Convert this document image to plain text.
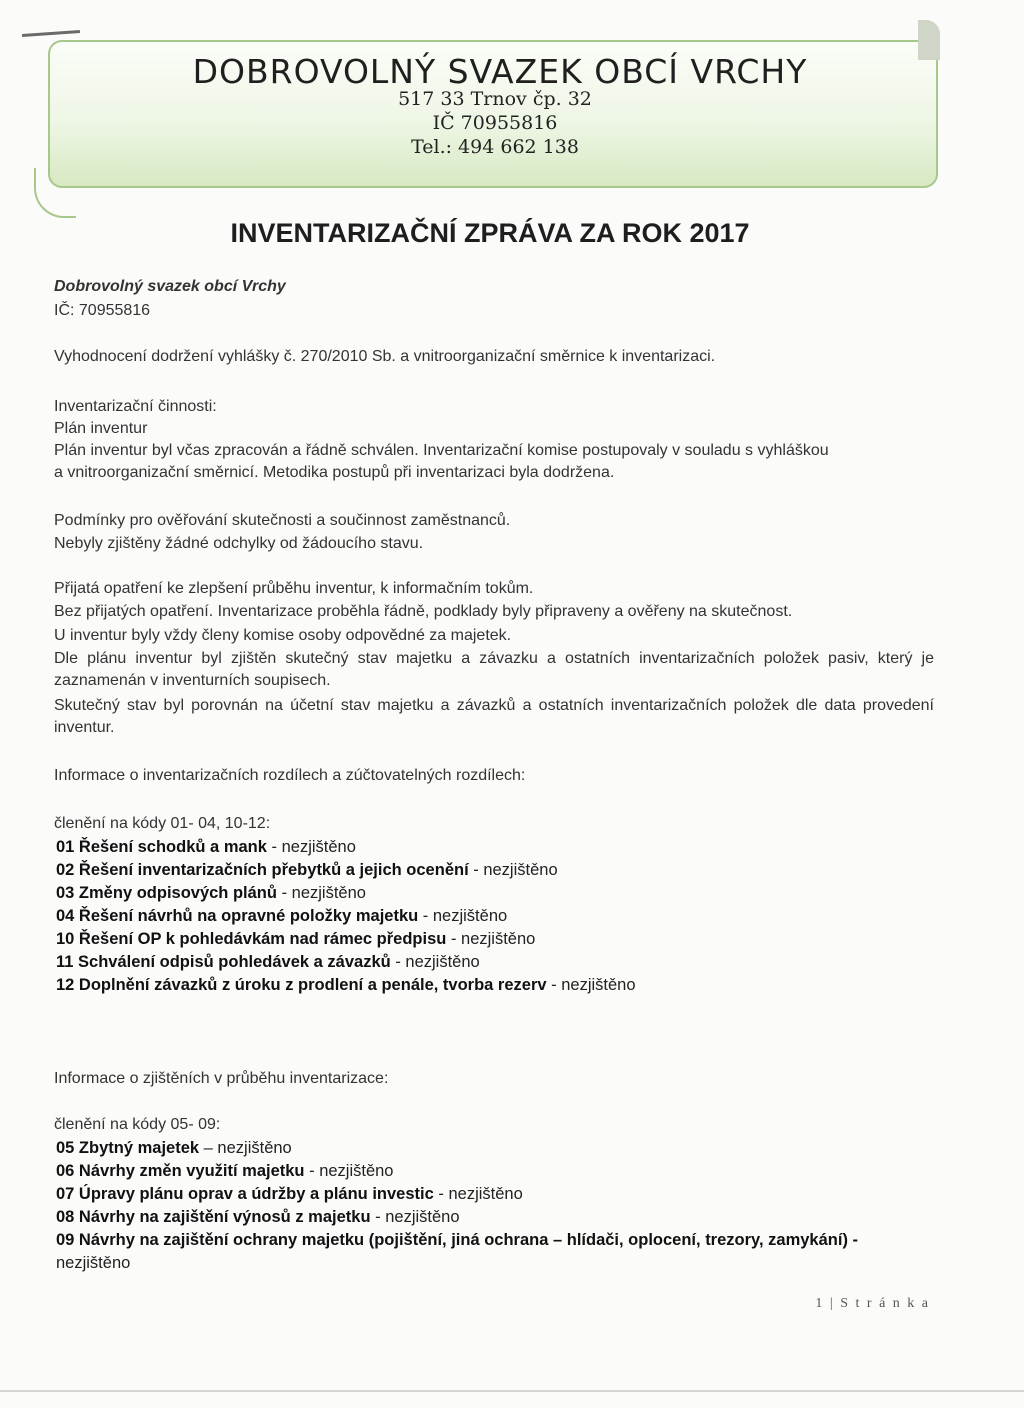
DOBROVOLNÝ SVAZEK OBCÍ VRCHY
517 33 Trnov čp. 32
IČ 70955816
Tel.: 494 662 138
INVENTARIZAČNÍ ZPRÁVA ZA ROK 2017
Dobrovolný svazek obcí Vrchy
IČ: 70955816
Vyhodnocení dodržení vyhlášky č. 270/2010 Sb. a vnitroorganizační směrnice k inventarizaci.
Inventarizační činnosti:
Plán inventur
Plán inventur byl včas zpracován a řádně schválen. Inventarizační komise postupovaly v souladu s vyhláškou
a vnitroorganizační směrnicí. Metodika postupů při inventarizaci byla dodržena.
Podmínky pro ověřování skutečnosti a součinnost zaměstnanců.
Nebyly zjištěny žádné odchylky od žádoucího stavu.
Přijatá opatření ke zlepšení průběhu inventur, k informačním tokům.
Bez přijatých opatření. Inventarizace proběhla řádně, podklady byly připraveny a ověřeny na skutečnost.
U inventur byly vždy členy komise osoby odpovědné za majetek.
Dle plánu inventur byl zjištěn skutečný stav majetku a závazku a ostatních inventarizačních položek pasiv, který je zaznamenán v inventurních soupisech.
Skutečný stav byl porovnán na účetní stav majetku a závazků a ostatních inventarizačních položek dle data provedení inventur.
Informace o inventarizačních rozdílech a zúčtovatelných rozdílech:
členění na kódy 01- 04, 10-12:
01 Řešení schodků a mank - nezjištěno
02 Řešení inventarizačních přebytků a jejich ocenění - nezjištěno
03 Změny odpisových plánů - nezjištěno
04 Řešení návrhů na opravné položky majetku - nezjištěno
10 Řešení OP k pohledávkám nad rámec předpisu - nezjištěno
11 Schválení odpisů pohledávek a závazků - nezjištěno
12 Doplnění závazků z úroku z prodlení a penále, tvorba rezerv - nezjištěno
Informace o zjištěních v průběhu inventarizace:
členění na kódy 05- 09:
05 Zbytný majetek – nezjištěno
06 Návrhy změn využití majetku - nezjištěno
07 Úpravy plánu oprav a údržby a plánu investic - nezjištěno
08 Návrhy na zajištění výnosů z majetku - nezjištěno
09 Návrhy na zajištění ochrany majetku (pojištění, jiná ochrana – hlídači, oplocení, trezory, zamykání) -
nezjištěno
1 | S t r á n k a
